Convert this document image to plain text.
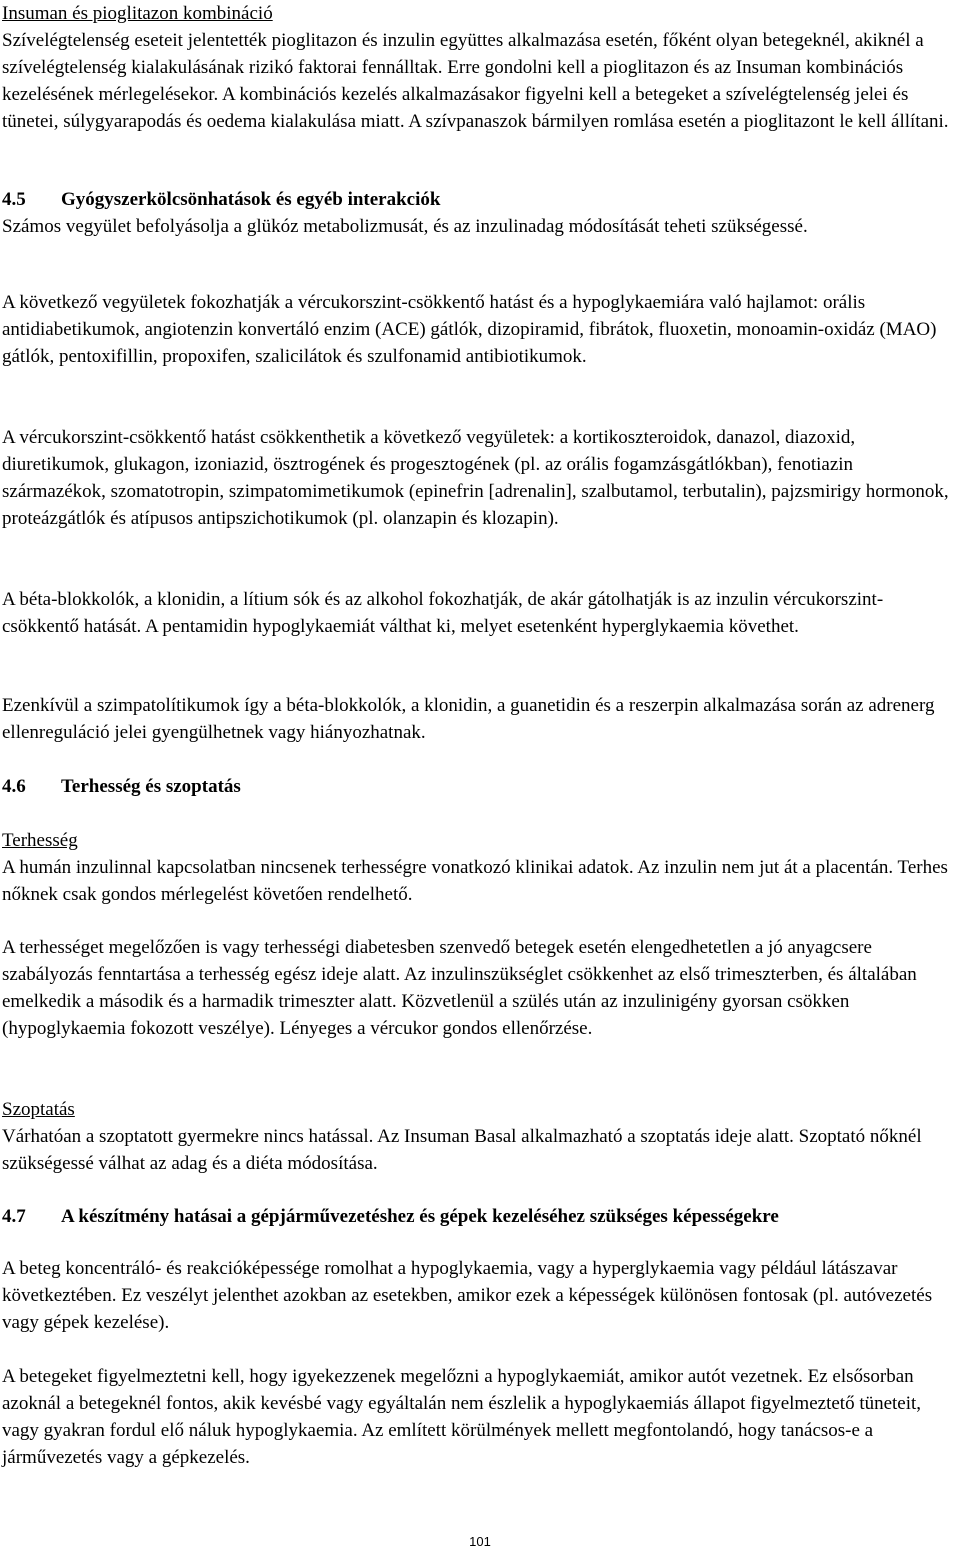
Insuman és pioglitazon kombináció

Szívelégtelenség eseteit jelentették pioglitazon és inzulin együttes alkalmazása esetén, főként olyan betegeknél, akiknél a szívelégtelenség kialakulásának rizikó faktorai fennálltak. Erre gondolni kell a pioglitazon és az Insuman kombinációs kezelésének mérlegelésekor. A kombinációs kezelés alkalmazásakor figyelni kell a betegeket a szívelégtelenség jelei és tünetei, súlygyarapodás és oedema kialakulása miatt. A szívpanaszok bármilyen romlása esetén a pioglitazont le kell állítani.

4.5 Gyógyszerkölcsönhatások és egyéb interakciók

Számos vegyület befolyásolja a glükóz metabolizmusát, és az inzulinadag módosítását teheti szükségessé.

A következő vegyületek fokozhatják a vércukorszint-csökkentő hatást és a hypoglykaemiára való hajlamot: orális antidiabetikumok, angiotenzin konvertáló enzim (ACE) gátlók, dizopiramid, fibrátok, fluoxetin, monoamin-oxidáz (MAO) gátlók, pentoxifillin, propoxifen, szalicilátok és szulfonamid antibiotikumok.

A vércukorszint-csökkentő hatást csökkenthetik a következő vegyületek: a kortikoszteroidok, danazol, diazoxid, diuretikumok, glukagon, izoniazid, ösztrogének és progesztogének (pl. az orális fogamzásgátlókban), fenotiazin származékok, szomatotropin, szimpatomimetikumok (epinefrin [adrenalin], szalbutamol, terbutalin), pajzsmirigy hormonok, proteázgátlók és atípusos antipszichotikumok (pl. olanzapin és klozapin).

A béta-blokkolók, a klonidin, a lítium sók és az alkohol fokozhatják, de akár gátolhatják is az inzulin vércukorszint-csökkentő hatását. A pentamidin hypoglykaemiát válthat ki, melyet esetenként hyperglykaemia követhet.

Ezenkívül a szimpatolítikumok így a béta-blokkolók, a klonidin, a guanetidin és a reszerpin alkalmazása során az adrenerg ellenreguláció jelei gyengülhetnek vagy hiányozhatnak.

4.6 Terhesség és szoptatás

Terhesség

A humán inzulinnal kapcsolatban nincsenek terhességre vonatkozó klinikai adatok. Az inzulin nem jut át a placentán. Terhes nőknek csak gondos mérlegelést követően rendelhető.

A terhességet megelőzően is vagy terhességi diabetesben szenvedő betegek esetén elengedhetetlen a jó anyagcsere szabályozás fenntartása a terhesség egész ideje alatt. Az inzulinszükséglet csökkenhet az első trimeszterben, és általában emelkedik a második és a harmadik trimeszter alatt. Közvetlenül a szülés után az inzulinigény gyorsan csökken (hypoglykaemia fokozott veszélye). Lényeges a vércukor gondos ellenőrzése.

Szoptatás

Várhatóan a szoptatott gyermekre nincs hatással. Az Insuman Basal alkalmazható a szoptatás ideje alatt. Szoptató nőknél szükségessé válhat az adag és a diéta módosítása.

4.7 A készítmény hatásai a gépjárművezetéshez és gépek kezeléséhez szükséges képességekre

A beteg koncentráló- és reakcióképessége romolhat a hypoglykaemia, vagy a hyperglykaemia vagy például látászavar következtében. Ez veszélyt jelenthet azokban az esetekben, amikor ezek a képességek különösen fontosak (pl. autóvezetés vagy gépek kezelése).

A betegeket figyelmeztetni kell, hogy igyekezzenek megelőzni a hypoglykaemiát, amikor autót vezetnek. Ez elsősorban azoknál a betegeknél fontos, akik kevésbé vagy egyáltalán nem észlelik a hypoglykaemiás állapot figyelmeztető tüneteit, vagy gyakran fordul elő náluk hypoglykaemia. Az említett körülmények mellett megfontolandó, hogy tanácsos-e a járművezetés vagy a gépkezelés.

101
